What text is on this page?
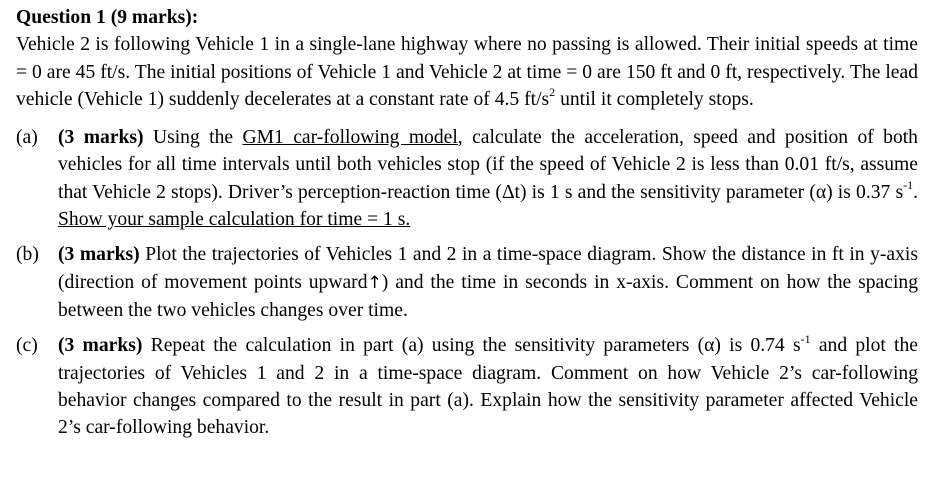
Question 1 (9 marks):

Vehicle 2 is following Vehicle 1 in a single-lane highway where no passing is allowed. Their initial speeds at time = 0 are 45 ft/s. The initial positions of Vehicle 1 and Vehicle 2 at time = 0 are 150 ft and 0 ft, respectively. The lead vehicle (Vehicle 1) suddenly decelerates at a constant rate of 4.5 $ft/s^2$ until it completely stops.

(a) (3 marks) Using the GM1 car-following model, calculate the acceleration, speed and position of both vehicles for all time intervals until both vehicles stop (if the speed of Vehicle 2 is less than 0.01 ft/s, assume that Vehicle 2 stops). Driver’s perception-reaction time (Δt) is 1 s and the sensitivity parameter (α) is 0.37 $s^{-1}$. Show your sample calculation for time = 1 s.
(b) (3 marks) Plot the trajectories of Vehicles 1 and 2 in a time-space diagram. Show the distance in ft in y-axis (direction of movement points upward↑) and the time in seconds in x-axis. Comment on how the spacing between the two vehicles changes over time.
(c) (3 marks) Repeat the calculation in part (a) using the sensitivity parameters (α) is 0.74 $s^{-1}$ and plot the trajectories of Vehicles 1 and 2 in a time-space diagram. Comment on how Vehicle 2’s car-following behavior changes compared to the result in part (a). Explain how the sensitivity parameter affected Vehicle 2’s car-following behavior.
